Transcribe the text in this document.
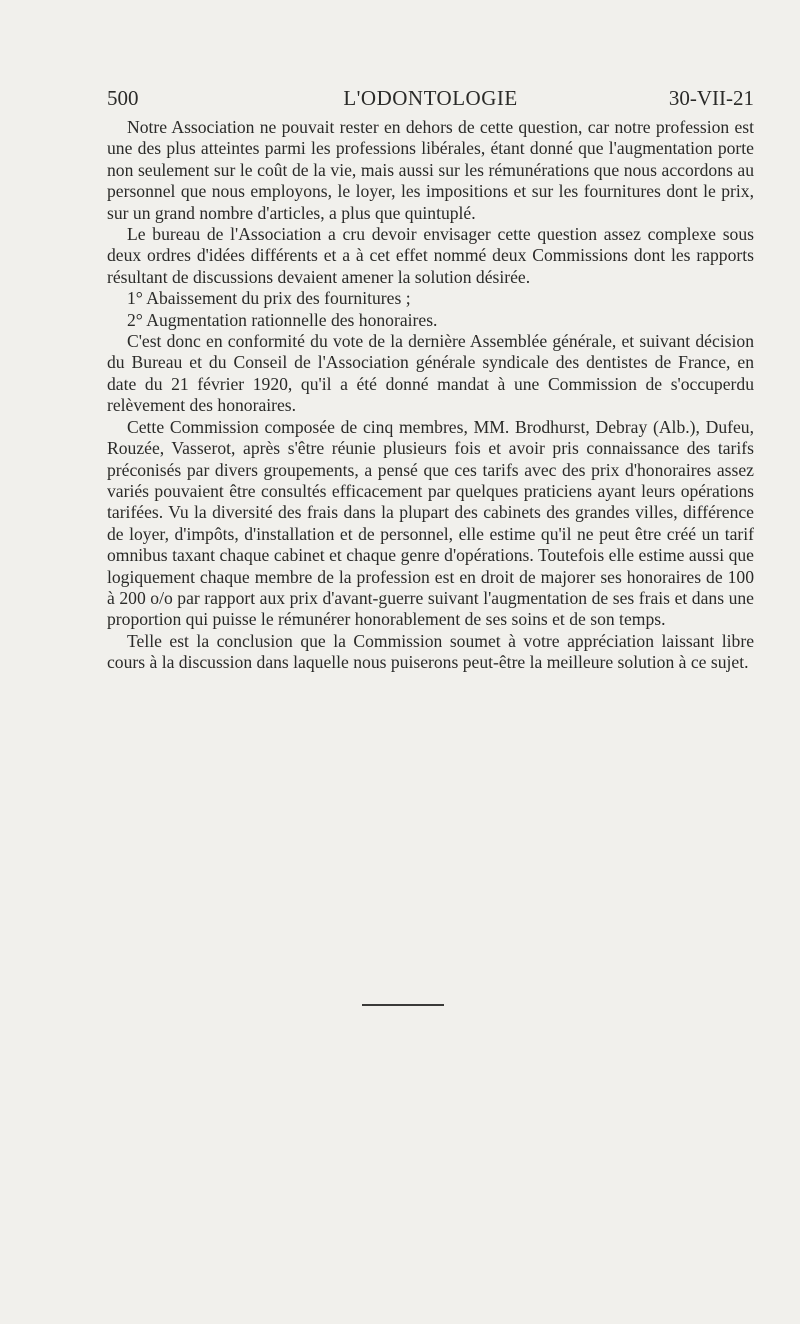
500	L'ODONTOLOGIE	30-VII-21

Notre Association ne pouvait rester en dehors de cette question, car notre profession est une des plus atteintes parmi les professions libérales, étant donné que l'augmentation porte non seulement sur le coût de la vie, mais aussi sur les rémunérations que nous accordons au personnel que nous employons, le loyer, les impositions et sur les fournitures dont le prix, sur un grand nombre d'articles, a plus que quintuplé.

Le bureau de l'Association a cru devoir envisager cette question assez complexe sous deux ordres d'idées différents et a à cet effet nommé deux Commissions dont les rapports résultant de discussions devaient amener la solution désirée.

1° Abaissement du prix des fournitures ;

2° Augmentation rationnelle des honoraires.

C'est donc en conformité du vote de la dernière Assemblée générale, et suivant décision du Bureau et du Conseil de l'Association générale syndicale des dentistes de France, en date du 21 février 1920, qu'il a été donné mandat à une Commission de s'occuperdu relèvement des honoraires.

Cette Commission composée de cinq membres, MM. Brodhurst, Debray (Alb.), Dufeu, Rouzée, Vasserot, après s'être réunie plusieurs fois et avoir pris connaissance des tarifs préconisés par divers groupements, a pensé que ces tarifs avec des prix d'honoraires assez variés pouvaient être consultés efficacement par quelques praticiens ayant leurs opérations tarifées. Vu la diversité des frais dans la plupart des cabinets des grandes villes, différence de loyer, d'impôts, d'installation et de personnel, elle estime qu'il ne peut être créé un tarif omnibus taxant chaque cabinet et chaque genre d'opérations. Toutefois elle estime aussi que logiquement chaque membre de la profession est en droit de majorer ses honoraires de 100 à 200 o/o par rapport aux prix d'avant-guerre suivant l'augmentation de ses frais et dans une proportion qui puisse le rémunérer honorablement de ses soins et de son temps.

Telle est la conclusion que la Commission soumet à votre appréciation laissant libre cours à la discussion dans laquelle nous puiserons peut-être la meilleure solution à ce sujet.
